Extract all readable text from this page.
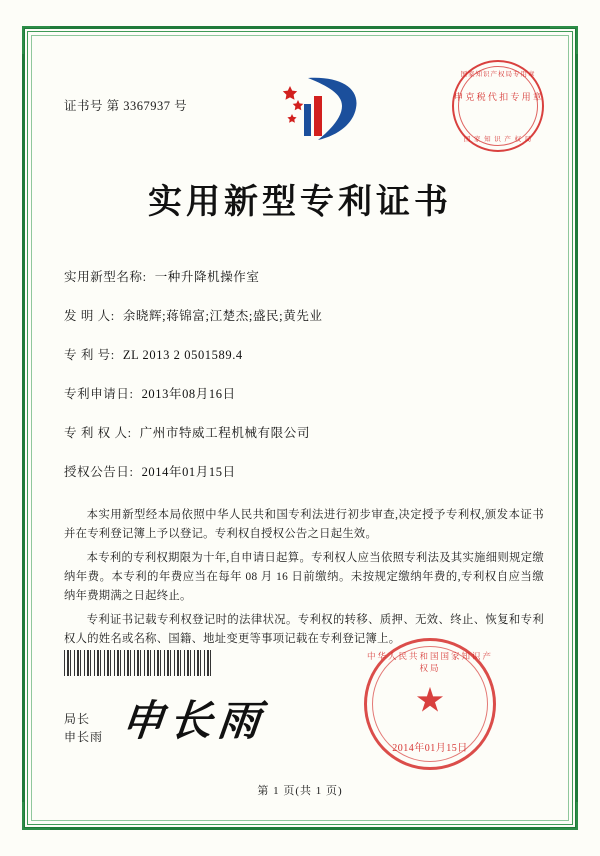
证书号 第 3367937 号
国家知识产权局专用章
申 克 税 代 扣 专 用 章
国 家 知 识 产 权 局
实用新型专利证书
实用新型名称: 一种升降机操作室
发 明 人: 余晓辉;蒋锦富;江楚杰;盛民;黄先业
专 利 号: ZL 2013 2 0501589.4
专利申请日: 2013年08月16日
专 利 权 人: 广州市特威工程机械有限公司
授权公告日: 2014年01月15日

本实用新型经本局依照中华人民共和国专利法进行初步审查,决定授予专利权,颁发本证书并在专利登记簿上予以登记。专利权自授权公告之日起生效。

本专利的专利权期限为十年,自申请日起算。专利权人应当依照专利法及其实施细则规定缴纳年费。本专利的年费应当在每年 08 月 16 日前缴纳。未按规定缴纳年费的,专利权自应当缴纳年费期满之日起终止。

专利证书记载专利权登记时的法律状况。专利权的转移、质押、无效、终止、恢复和专利权人的姓名或名称、国籍、地址变更等事项记载在专利登记簿上。

局长
申长雨 申长雨
中华人民共和国国家知识产权局
★
2014年01月15日
第 1 页(共 1 页)
